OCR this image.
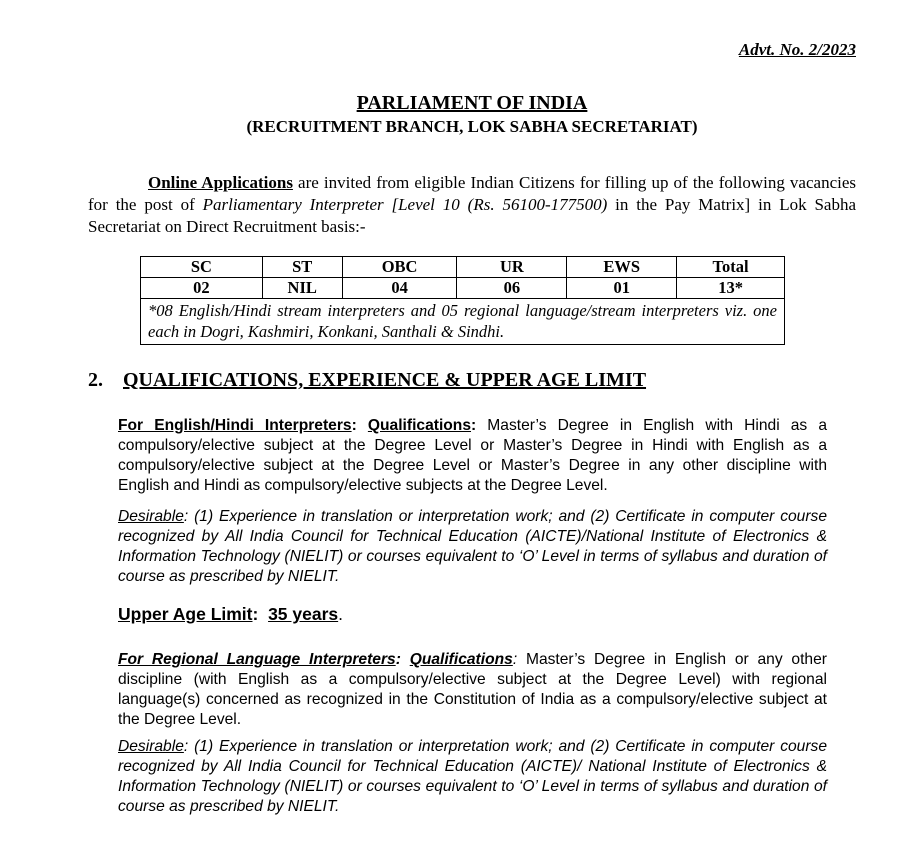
Advt. No. 2/2023
PARLIAMENT OF INDIA
(RECRUITMENT BRANCH, LOK SABHA SECRETARIAT)
Online Applications are invited from eligible Indian Citizens for filling up of the following vacancies for the post of Parliamentary Interpreter [Level 10 (Rs. 56100-177500) in the Pay Matrix] in Lok Sabha Secretariat on Direct Recruitment basis:-
SC	ST	OBC	UR	EWS	Total
02	NIL	04	06	01	13*
*08 English/Hindi stream interpreters and 05 regional language/stream interpreters viz. one each in Dogri, Kashmiri, Konkani, Santhali & Sindhi.					
2. QUALIFICATIONS, EXPERIENCE & UPPER AGE LIMIT
For English/Hindi Interpreters: Qualifications: Master’s Degree in English with Hindi as a compulsory/elective subject at the Degree Level or Master’s Degree in Hindi with English as a compulsory/elective subject at the Degree Level or Master’s Degree in any other discipline with English and Hindi as compulsory/elective subjects at the Degree Level.
Desirable: (1) Experience in translation or interpretation work; and (2) Certificate in computer course recognized by All India Council for Technical Education (AICTE)/National Institute of Electronics & Information Technology (NIELIT) or courses equivalent to ‘O’ Level in terms of syllabus and duration of course as prescribed by NIELIT.
Upper Age Limit:  35 years.
For Regional Language Interpreters: Qualifications: Master’s Degree in English or any other discipline (with English as a compulsory/elective subject at the Degree Level) with regional language(s) concerned as recognized in the Constitution of India as a compulsory/elective subject at the Degree Level.
Desirable: (1) Experience in translation or interpretation work; and (2) Certificate in computer course recognized by All India Council for Technical Education (AICTE)/ National Institute of Electronics & Information Technology (NIELIT) or courses equivalent to ‘O’ Level in terms of syllabus and duration of course as prescribed by NIELIT.
